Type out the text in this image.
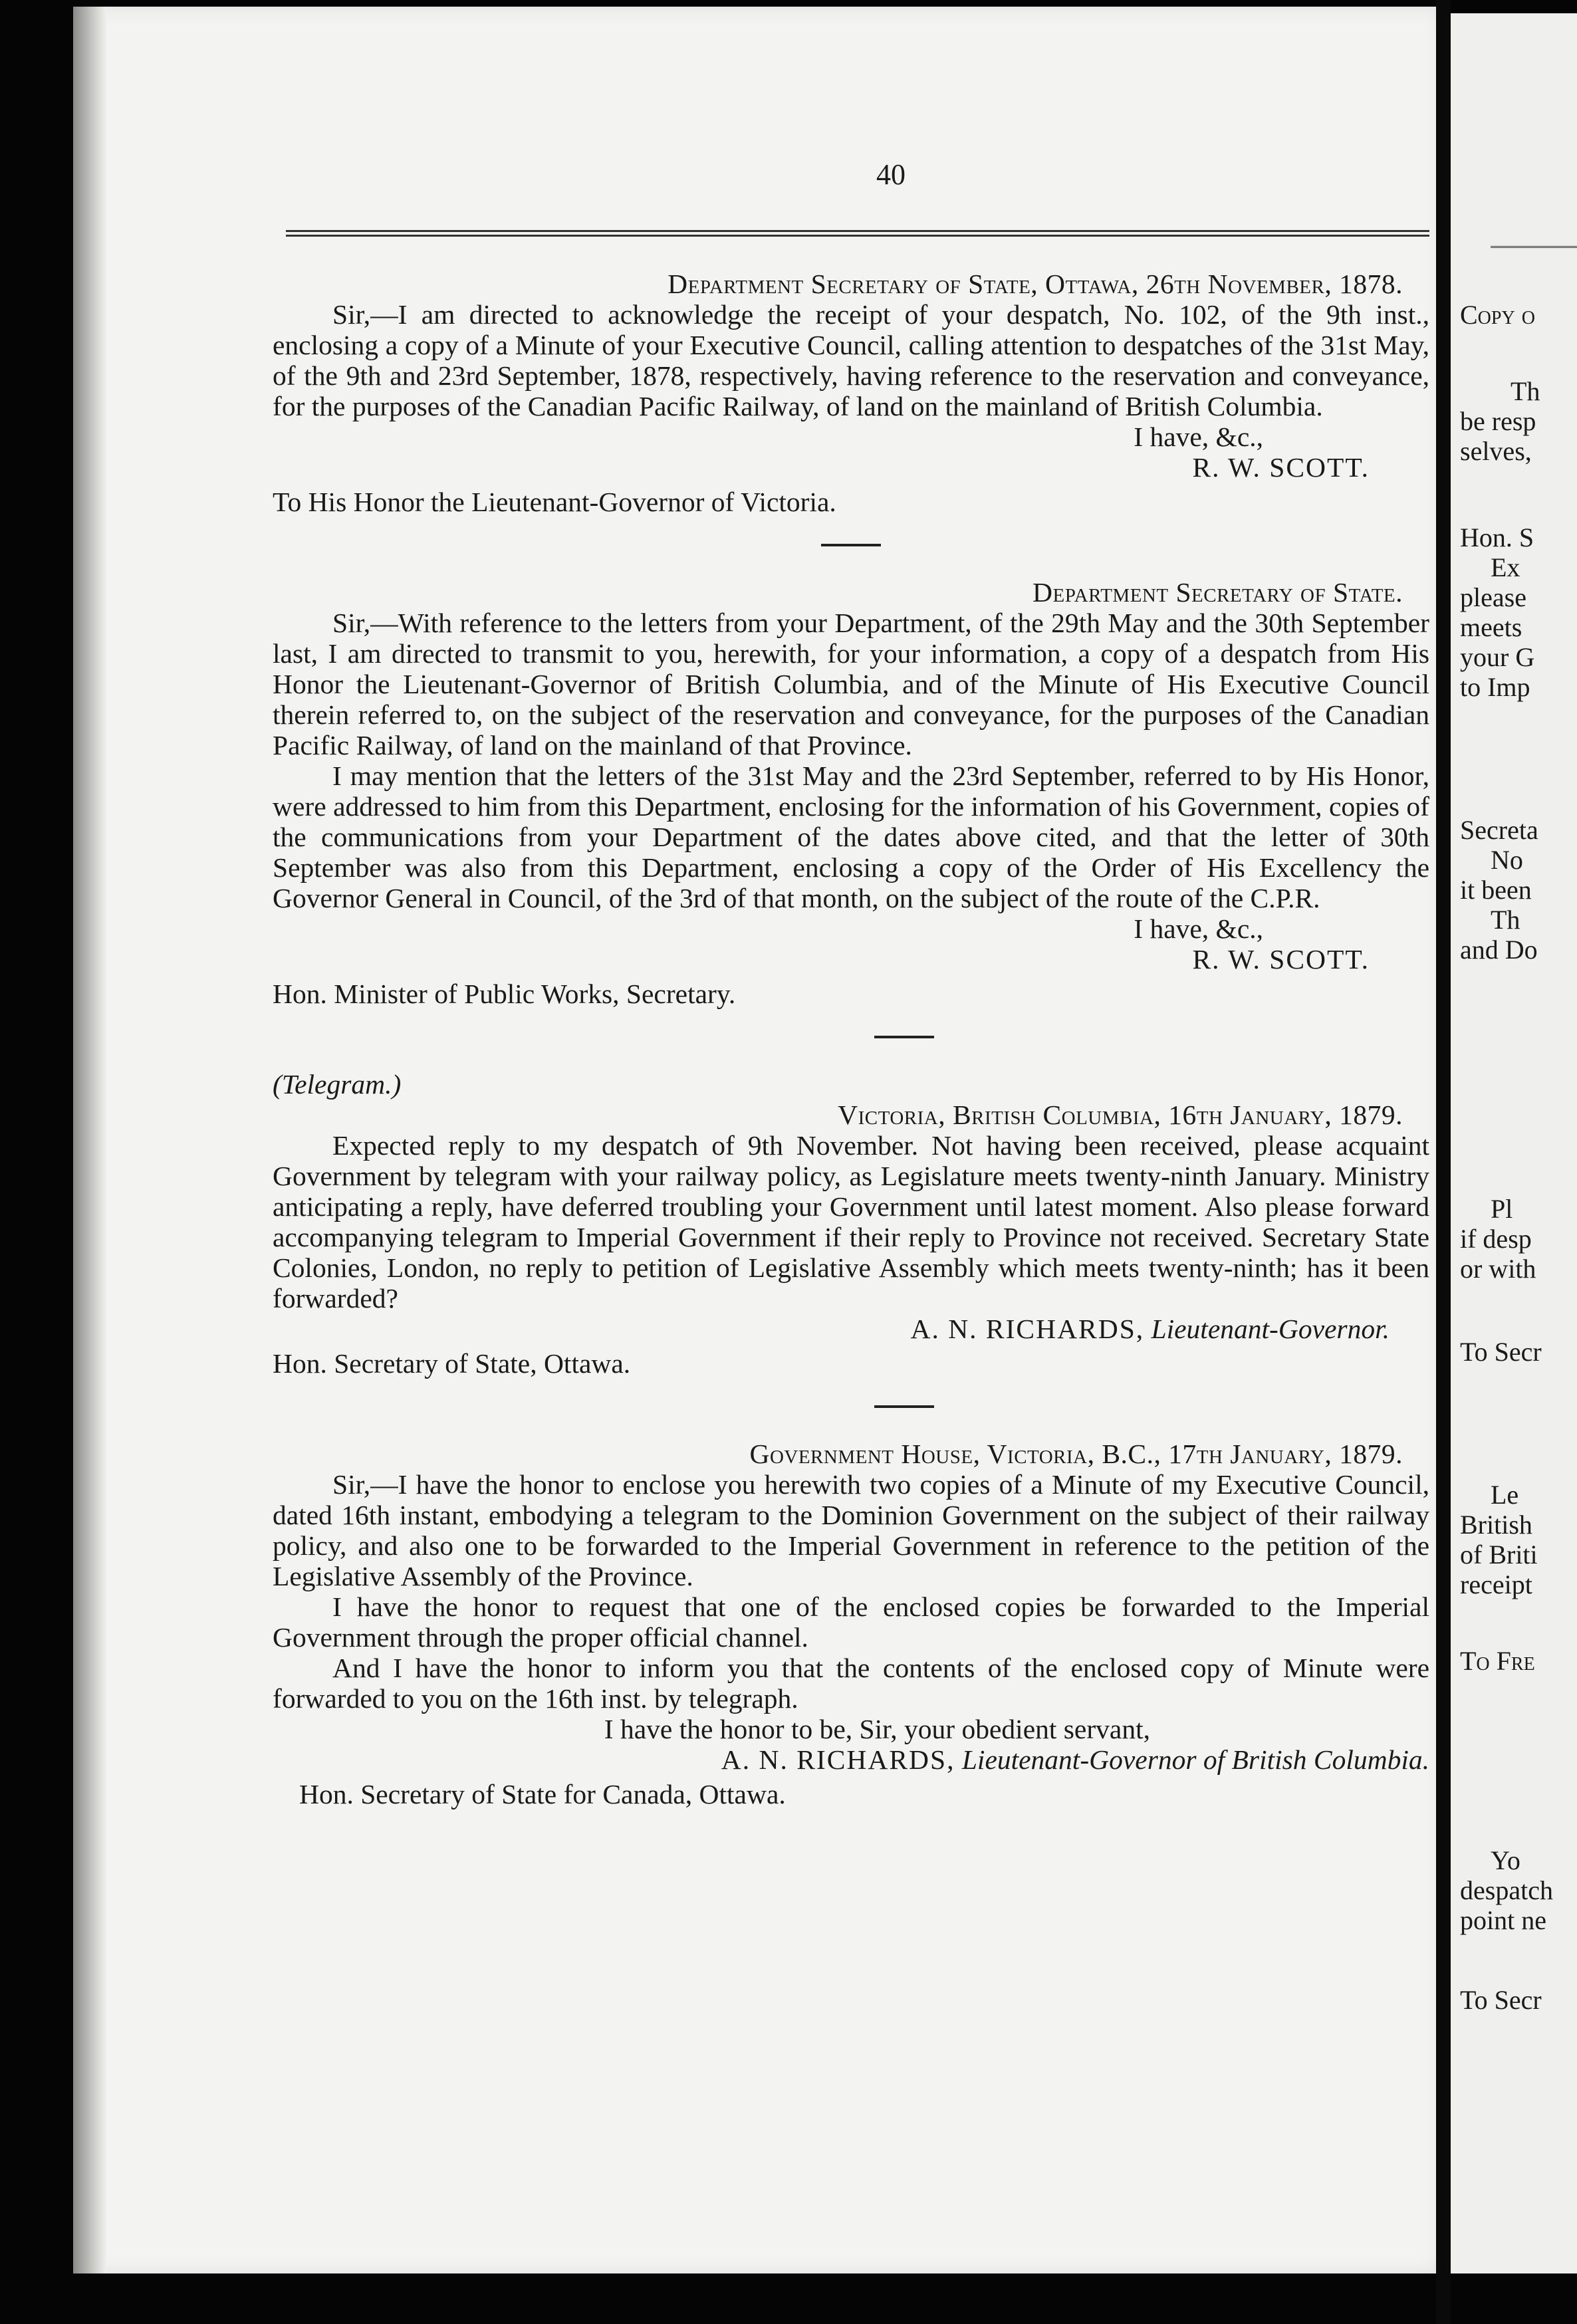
Copy o
Th
be resp
selves,
Hon. S
Ex
please
meets
your G
to Imp
Secreta
No
it been
Th
and Do
Pl
if desp
or with
To Secr
Le
British
of Briti
receipt
To Fre
Yo
despatch
point ne
To Secr
40
Department Secretary of State, Ottawa, 26th November, 1878.

Sir,—I am directed to acknowledge the receipt of your despatch, No. 102, of the 9th inst., enclosing a copy of a Minute of your Executive Council, calling attention to despatches of the 31st May, of the 9th and 23rd September, 1878, respectively, having reference to the reservation and conveyance, for the purposes of the Canadian Pacific Railway, of land on the mainland of British Columbia.

I have, &c.,

R. W. SCOTT.

To His Honor the Lieutenant-Governor of Victoria.

Department Secretary of State.

Sir,—With reference to the letters from your Department, of the 29th May and the 30th September last, I am directed to transmit to you, herewith, for your information, a copy of a despatch from His Honor the Lieutenant-Governor of British Columbia, and of the Minute of His Executive Council therein referred to, on the subject of the reservation and conveyance, for the purposes of the Canadian Pacific Railway, of land on the mainland of that Province.

I may mention that the letters of the 31st May and the 23rd September, referred to by His Honor, were addressed to him from this Department, enclosing for the information of his Government, copies of the communications from your Department of the dates above cited, and that the letter of 30th September was also from this Department, enclosing a copy of the Order of His Excellency the Governor General in Council, of the 3rd of that month, on the subject of the route of the C.P.R.

I have, &c.,

R. W. SCOTT.

Hon. Minister of Public Works, Secretary.

(Telegram.)
Victoria, British Columbia, 16th January, 1879.

Expected reply to my despatch of 9th November. Not having been received, please acquaint Government by telegram with your railway policy, as Legislature meets twenty-ninth January. Ministry anticipating a reply, have deferred troubling your Government until latest moment. Also please forward accompanying telegram to Imperial Government if their reply to Province not received. Secretary State Colonies, London, no reply to petition of Legislative Assembly which meets twenty-ninth; has it been forwarded?

A. N. RICHARDS, Lieutenant-Governor.

Hon. Secretary of State, Ottawa.

Government House, Victoria, B.C., 17th January, 1879.

Sir,—I have the honor to enclose you herewith two copies of a Minute of my Executive Council, dated 16th instant, embodying a telegram to the Dominion Government on the subject of their railway policy, and also one to be forwarded to the Imperial Government in reference to the petition of the Legislative Assembly of the Province.

I have the honor to request that one of the enclosed copies be forwarded to the Imperial Government through the proper official channel.

And I have the honor to inform you that the contents of the enclosed copy of Minute were forwarded to you on the 16th inst. by telegraph.

I have the honor to be, Sir, your obedient servant,

A. N. RICHARDS, Lieutenant-Governor of British Columbia.

Hon. Secretary of State for Canada, Ottawa.
